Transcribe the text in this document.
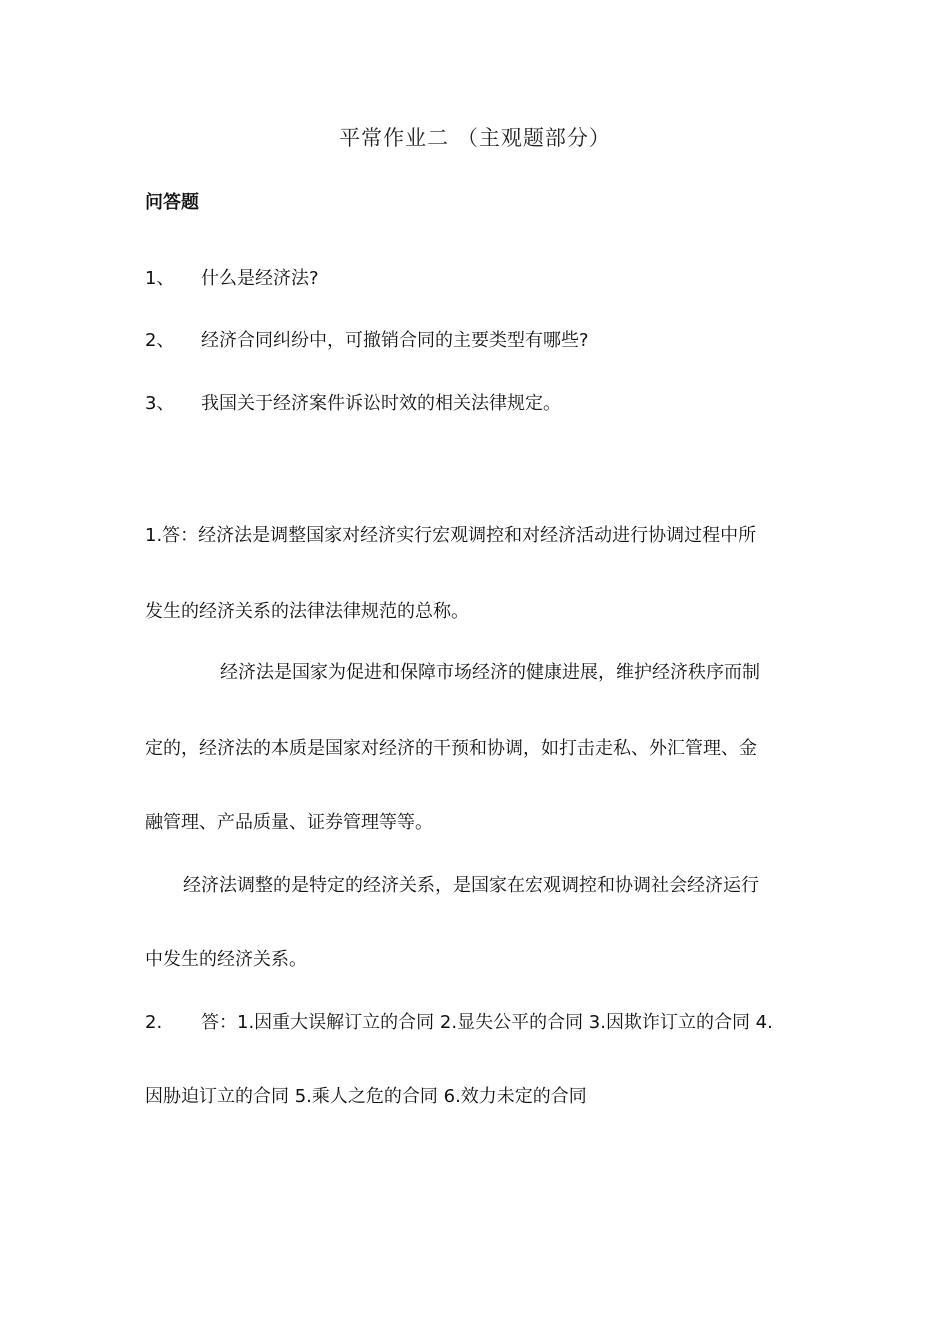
平常作业二 （主观题部分）
问答题
1、 什么是经济法?
2、 经济合同纠纷中，可撤销合同的主要类型有哪些?
3、 我国关于经济案件诉讼时效的相关法律规定。
1.答：经济法是调整国家对经济实行宏观调控和对经济活动进行协调过程中所
发生的经济关系的法律法律规范的总称。
经济法是国家为促进和保障市场经济的健康进展，维护经济秩序而制
定的，经济法的本质是国家对经济的干预和协调，如打击走私、外汇管理、金
融管理、产品质量、证券管理等等。
经济法调整的是特定的经济关系，是国家在宏观调控和协调社会经济运行
中发生的经济关系。
2. 答：1.因重大误解订立的合同 2.显失公平的合同 3.因欺诈订立的合同 4.
因胁迫订立的合同 5.乘人之危的合同 6.效力未定的合同
